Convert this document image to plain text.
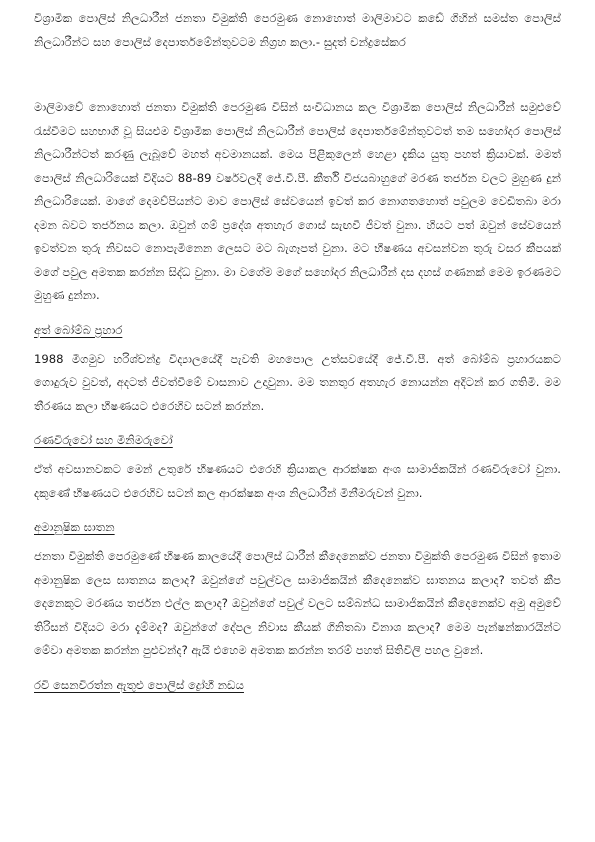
විශ්‍රාමික පොලිස් නිලධාරීන් ජනතා විමුක්ති පෙරමුණ නොහොත් මාලිමාවට කඩේ ගිහින් සමස්ත පොලිස් නිලධාරීන්ට සහ පොලිස් දෙපාර්තමේන්තුවටම නිග්‍රහ කලා.- සුදත් චන්ද්‍රසේකර

මාලිමාවේ නොහොත් ජනතා විමුක්ති පෙරමුණ විසින් සංවිධානය කල විශ්‍රාමික පොලිස් නිලධාරීන් සමුළුවේ රැස්වීමට සහභාගි වූ සියළුම විශ්‍රාමික පොලිස් නිලධාරීන් පොලිස් දෙපාර්තමේන්තුවටත් තම සහෝදර පොලිස් නිලධාරීන්ටත් කරණු ලැබූවේ මහත් අවමානයක්. මෙය පිළිකුලෙන් හෙළා දැකිය යුතු පහත් ක්‍රියාවක්. මමත් පොලිස් නිලධාරියෙක් විදියට 88-89 වර්ෂවලදී ජේ.වී.පී. කීර්ති විජයබාහුගේ මරණ තර්ජන වලට මුහුණ දුන් නිලධාරියෙක්. මාගේ දෙමව්පියන්ට මාව පොලිස් සේවයෙන් ඉවත් කර නොගතහොත් පවුලම වෙඩිතබා මරා දමන බවට තර්ජනය කලා. ඔවුන් ගම් ප්‍රදේශ අතහැර ගොස් සැඟවී ජීවත් වුනා. හියට පත් ඔවුන් සේවයෙන් ඉවත්වන තුරු නිවසට නොපැමිනෙන ලෙසට මට බැගෑපත් වුනා. මට භීෂණය අවසන්වන තුරු වසර කීපයක් මගේ පවුල අමතක කරන්න සිද්ධ වුනා. මා වගේම මගේ සහෝදර නිලධාරීන් දස දහස් ගණනක් මෙම ඉරණමට මුහුණ දුන්නා.

අත් බෝම්බ ප්‍රහාර

1988 මීගමුව හරිශ්චන්ද්‍ර විද්‍යාලයේදී පැවති මහපොල උත්සවයේදී ජේ.වී.පී. අත් බෝම්බ ප්‍රහාරයකට ගොදුරුව වුවත්, අදටත් ජීවත්වීමේ වාසනාව උදාවුනා. මම තනතුර අතහැර නොයන්න අදිටන් කර ගතිමි. මම තීරණය කලා භීෂණයට එරෙහිව සටන් කරන්න.

රණවිරුවෝ සහ මිනිමරුවෝ

ඒත් අවසානවකට මෙන් උතුරේ භීෂණයට එරෙහි ක්‍රියාකල ආරක්ෂක අංශ සාමාජිකයින් රණවිරුවෝ වුනා. දකුණේ භීෂණයට එරෙහිව සටන් කල ආරක්ෂක අංශ නිලධාරීන් මිනීමරුවන් වුනා.

අමානුෂික ඝාතන

ජනතා විමුක්ති පෙරමුණේ භීෂණ කාලයේදී පොලිස් ධාරීන් කීදෙනෙක්ව ජනතා විමුක්ති පෙරමුණ විසින් ඉතාම අමානුෂික ලෙස ඝාතනය කලාද? ඔවුන්ගේ පවුල්වල සාමාජිකයින් කීදෙනෙක්ව ඝාතනය කලාද? තවත් කීප දෙනෙකුට මරණය තර්ජන එල්ල කලාද? ඔවුන්ගේ පවුල් වලට සම්බන්ධ සාමාජිකයින් කීදෙනෙක්ව අමු අමුවේ තිරිසන් විදියට මරා දැම්මද? ඔවුන්ගේ දේපල නිවාස කීයක් ගිනිතබා විනාශ කලාද? මෙම පැන්ෂන්කාරයින්ට මේවා අමතක කරන්න පුළුවන්ද? ඇයි එහෙම අමතක කරන්න තරම් පහත් සිතිවිලි පහල වුනේ.

රවි සෙනවිරත්න ඇතුළු පොලිස් ද්‍රෝහී නඩය
